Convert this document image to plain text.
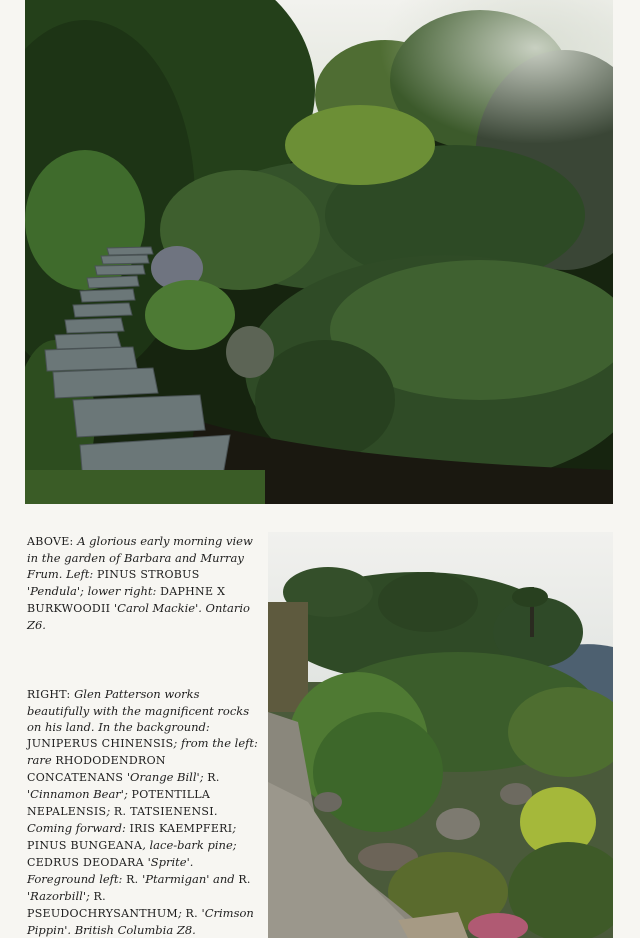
ABOVE: A glorious early morning view in the garden of Barbara and Murray Frum. Left: PINUS STROBUS 'Pendula'; lower right: DAPHNE X BURKWOODII 'Carol Mackie'. Ontario Z6.
RIGHT: Glen Patterson works beautifully with the magnificent rocks on his land. In the background: JUNIPERUS CHINENSIS; from the left: rare RHODODENDRON CONCATENANS 'Orange Bill'; R. 'Cinnamon Bear'; POTENTILLA NEPALENSIS; R. TATSIENENSI. Coming forward: IRIS KAEMPFERI; PINUS BUNGEANA, lace-bark pine; CEDRUS DEODARA 'Sprite'. Foreground left: R. 'Ptarmigan' and R. 'Razorbill'; R. PSEUDOCHRYSANTHUM; R. 'Crimson Pippin'. British Columbia Z8.
